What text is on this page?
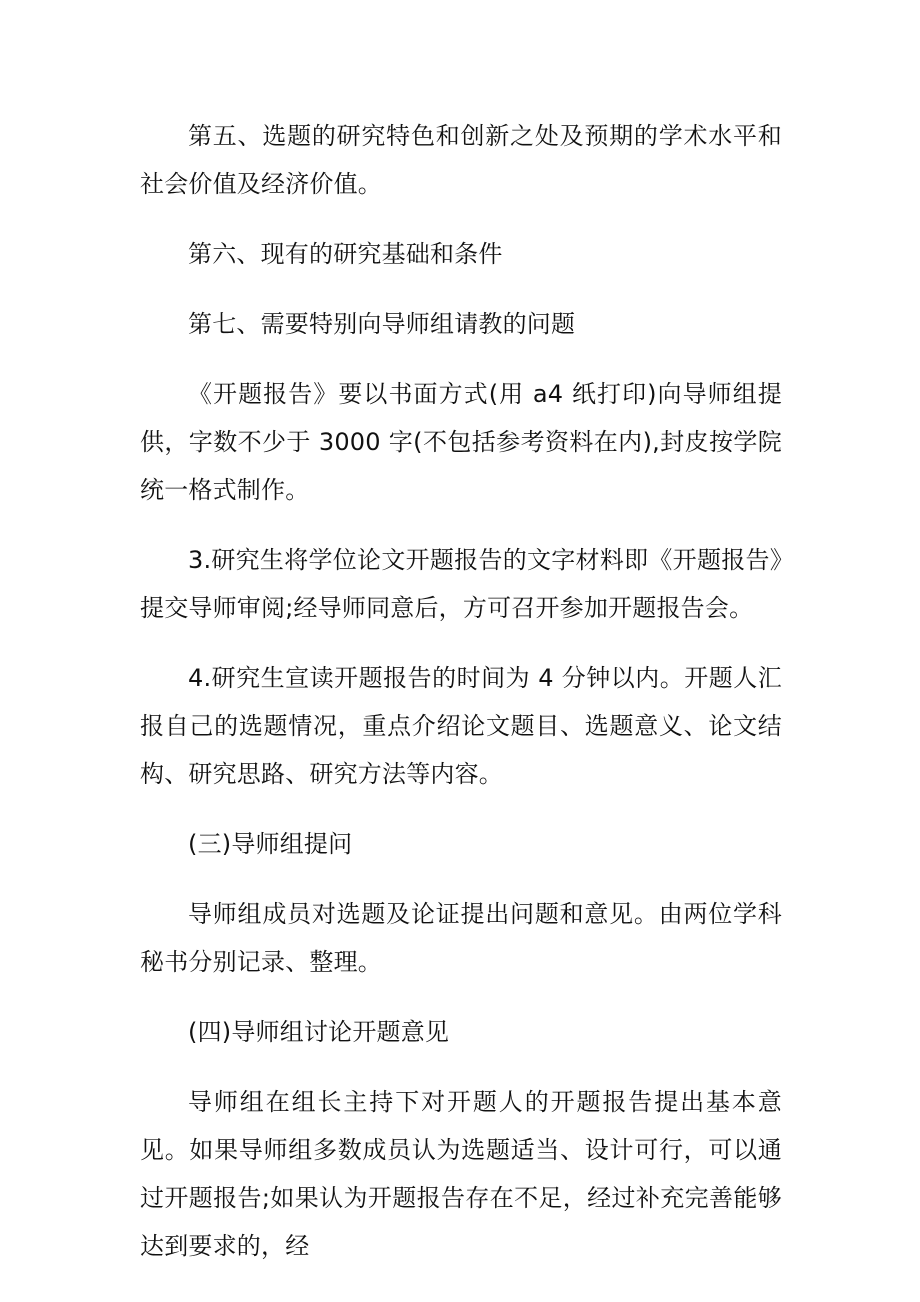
第五、选题的研究特色和创新之处及预期的学术水平和社会价值及经济价值。

第六、现有的研究基础和条件

第七、需要特别向导师组请教的问题

《开题报告》要以书面方式(用 a4 纸打印)向导师组提供，字数不少于 3000 字(不包括参考资料在内),封皮按学院统一格式制作。

3.研究生将学位论文开题报告的文字材料即《开题报告》提交导师审阅;经导师同意后，方可召开参加开题报告会。

4.研究生宣读开题报告的时间为 4 分钟以内。开题人汇报自己的选题情况，重点介绍论文题目、选题意义、论文结构、研究思路、研究方法等内容。

(三)导师组提问

导师组成员对选题及论证提出问题和意见。由两位学科秘书分别记录、整理。

(四)导师组讨论开题意见

导师组在组长主持下对开题人的开题报告提出基本意见。如果导师组多数成员认为选题适当、设计可行，可以通过开题报告;如果认为开题报告存在不足，经过补充完善能够达到要求的，经
